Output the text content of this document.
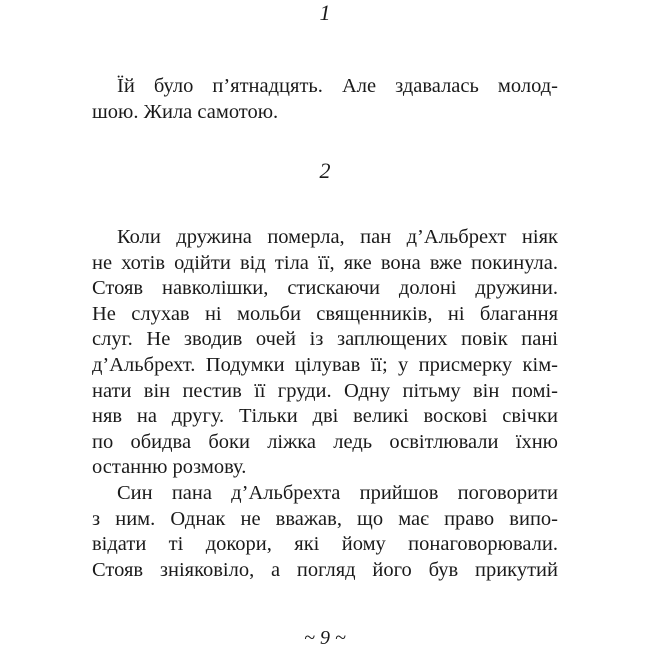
1
Їй було п’ятнадцять. Але здавалась молод-
шою. Жила самотою.
2
Коли дружина померла, пан д’Альбрехт ніяк
не хотів одійти від тіла її, яке вона вже покинула.
Стояв навколішки, стискаючи долоні дружини.
Не слухав ні мольби священників, ні благання
слуг. Не зводив очей із заплющених повік пані
д’Альбрехт. Подумки цілував її; у присмерку кім-
нати він пестив її груди. Одну пітьму він помі-
няв на другу. Тільки дві великі воскові свічки
по обидва боки ліжка ледь освітлювали їхню
останню розмову.
Син пана д’Альбрехта прийшов поговорити
з ним. Однак не вважав, що має право випо-
відати ті докори, які йому понаговорювали.
Стояв зніяковіло, а погляд його був прикутий
~ 9 ~
